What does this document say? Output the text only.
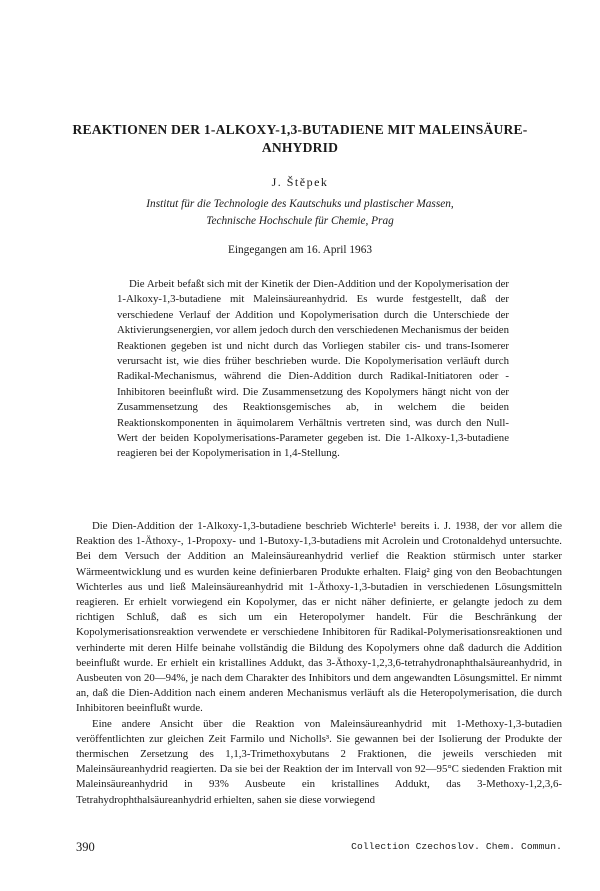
REAKTIONEN DER 1-ALKOXY-1,3-BUTADIENE MIT MALEINSÄURE-ANHYDRID
J. Štěpek
Institut für die Technologie des Kautschuks und plastischer Massen,
Technische Hochschule für Chemie, Prag
Eingegangen am 16. April 1963

Die Arbeit befaßt sich mit der Kinetik der Dien-Addition und der Kopolymerisation der 1-Alkoxy-1,3-butadiene mit Maleinsäureanhydrid. Es wurde festgestellt, daß der verschiedene Verlauf der Addition und Kopolymerisation durch die Unterschiede der Aktivierungsenergien, vor allem jedoch durch den verschiedenen Mechanismus der beiden Reaktionen gegeben ist und nicht durch das Vorliegen stabiler cis- und trans-Isomerer verursacht ist, wie dies früher beschrieben wurde. Die Kopolymerisation verläuft durch Radikal-Mechanismus, während die Dien-Addition durch Radikal-Initiatoren oder -Inhibitoren beeinflußt wird. Die Zusammensetzung des Kopolymers hängt nicht von der Zusammensetzung des Reaktionsgemisches ab, in welchem die beiden Reaktionskomponenten in äquimolarem Verhältnis vertreten sind, was durch den Null-Wert der beiden Kopolymerisations-Parameter gegeben ist. Die 1-Alkoxy-1,3-butadiene reagieren bei der Kopolymerisation in 1,4-Stellung.

Die Dien-Addition der 1-Alkoxy-1,3-butadiene beschrieb Wichterle¹ bereits i. J. 1938, der vor allem die Reaktion des 1-Äthoxy-, 1-Propoxy- und 1-Butoxy-1,3-butadiens mit Acrolein und Crotonaldehyd untersuchte. Bei dem Versuch der Addition an Maleinsäureanhydrid verlief die Reaktion stürmisch unter starker Wärmeentwicklung und es wurden keine definierbaren Produkte erhalten. Flaig² ging von den Beobachtungen Wichterles aus und ließ Maleinsäureanhydrid mit 1-Äthoxy-1,3-butadien in verschiedenen Lösungsmitteln reagieren. Er erhielt vorwiegend ein Kopolymer, das er nicht näher definierte, er gelangte jedoch zu dem richtigen Schluß, daß es sich um ein Heteropolymer handelt. Für die Beschränkung der Kopolymerisationsreaktion verwendete er verschiedene Inhibitoren für Radikal-Polymerisationsreaktionen und verhinderte mit deren Hilfe beinahe vollständig die Bildung des Kopolymers ohne daß dadurch die Addition beeinflußt wurde. Er erhielt ein kristallines Addukt, das 3-Äthoxy-1,2,3,6-tetrahydronaphthalsäureanhydrid, in Ausbeuten von 20—94%, je nach dem Charakter des Inhibitors und dem angewandten Lösungsmittel. Er nimmt an, daß die Dien-Addition nach einem anderen Mechanismus verläuft als die Heteropolymerisation, die durch Inhibitoren beeinflußt wurde.

Eine andere Ansicht über die Reaktion von Maleinsäureanhydrid mit 1-Methoxy-1,3-butadien veröffentlichten zur gleichen Zeit Farmilo und Nicholls³. Sie gewannen bei der Isolierung der Produkte der thermischen Zersetzung des 1,1,3-Trimethoxybutans 2 Fraktionen, die jeweils verschieden mit Maleinsäureanhydrid reagierten. Da sie bei der Reaktion der im Intervall von 92—95°C siedenden Fraktion mit Maleinsäureanhydrid in 93% Ausbeute ein kristallines Addukt, das 3-Methoxy-1,2,3,6-Tetrahydrophthalsäureanhydrid erhielten, sahen sie diese vorwiegend

390	Collection Czechoslov. Chem. Commun.
